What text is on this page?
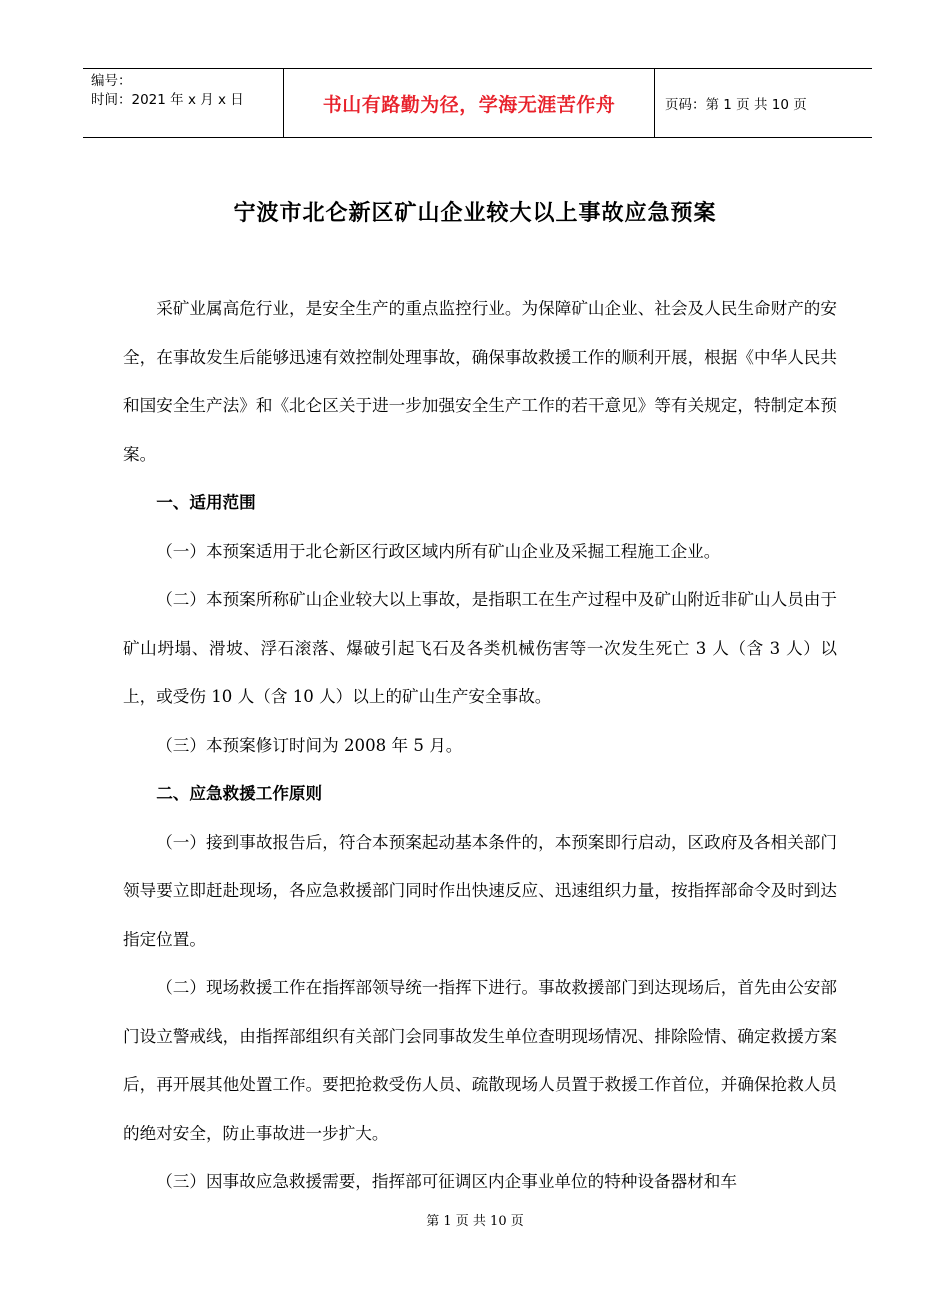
编号：
时间：2021 年 x 月 x 日	书山有路勤为径，学海无涯苦作舟	页码：第 1 页 共 10 页
宁波市北仑新区矿山企业较大以上事故应急预案

采矿业属高危行业，是安全生产的重点监控行业。为保障矿山企业、社会及人民生命财产的安全，在事故发生后能够迅速有效控制处理事故，确保事故救援工作的顺利开展，根据《中华人民共和国安全生产法》和《北仑区关于进一步加强安全生产工作的若干意见》等有关规定，特制定本预案。

一、适用范围

（一）本预案适用于北仑新区行政区域内所有矿山企业及采掘工程施工企业。

（二）本预案所称矿山企业较大以上事故，是指职工在生产过程中及矿山附近非矿山人员由于矿山坍塌、滑坡、浮石滚落、爆破引起飞石及各类机械伤害等一次发生死亡 3 人（含 3 人）以上，或受伤 10 人（含 10 人）以上的矿山生产安全事故。

（三）本预案修订时间为 2008 年 5 月。

二、应急救援工作原则

（一）接到事故报告后，符合本预案起动基本条件的，本预案即行启动，区政府及各相关部门领导要立即赶赴现场，各应急救援部门同时作出快速反应、迅速组织力量，按指挥部命令及时到达指定位置。

（二）现场救援工作在指挥部领导统一指挥下进行。事故救援部门到达现场后，首先由公安部门设立警戒线，由指挥部组织有关部门会同事故发生单位查明现场情况、排除险情、确定救援方案后，再开展其他处置工作。要把抢救受伤人员、疏散现场人员置于救援工作首位，并确保抢救人员的绝对安全，防止事故进一步扩大。

（三）因事故应急救援需要，指挥部可征调区内企事业单位的特种设备器材和车

第 1 页 共 10 页
